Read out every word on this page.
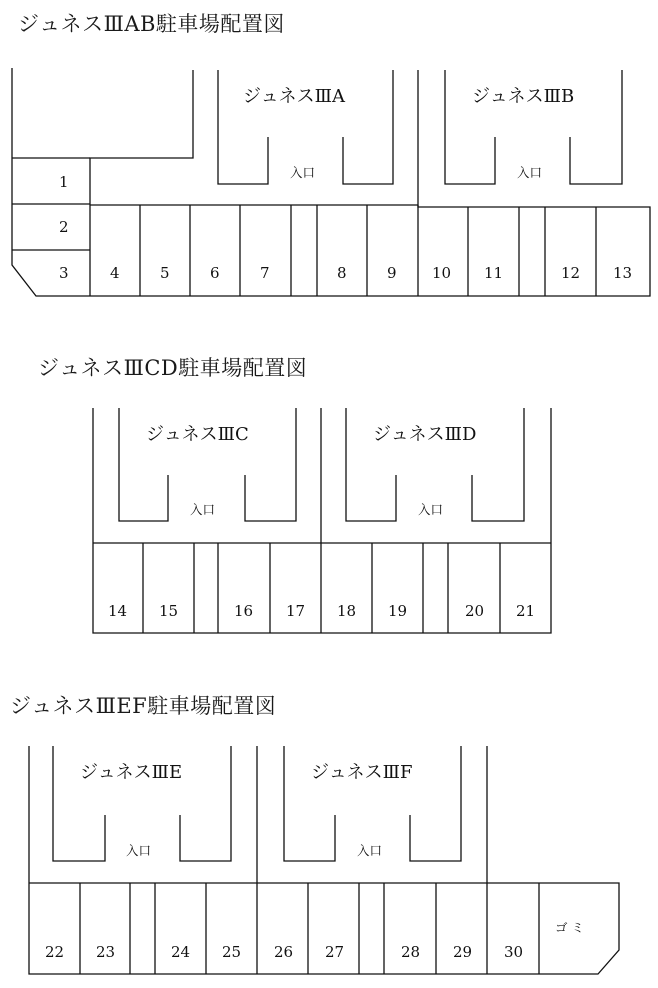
ジュネスⅢAB駐車場配置図
ジュネスⅢCD駐車場配置図
ジュネスⅢEF駐車場配置図
ジュネスⅢA
入口
ジュネスⅢB
入口
1
2
3	4	5	6	7	8	9 10 11	12 13
ジュネスⅢC
入口
ジュネスⅢD
入口
14 15	16 17 18 19	20 21
ジュネスⅢE
入口
ジュネスⅢF
入口
22 23	24 25 26 27	28 29 30
ゴ ミ
